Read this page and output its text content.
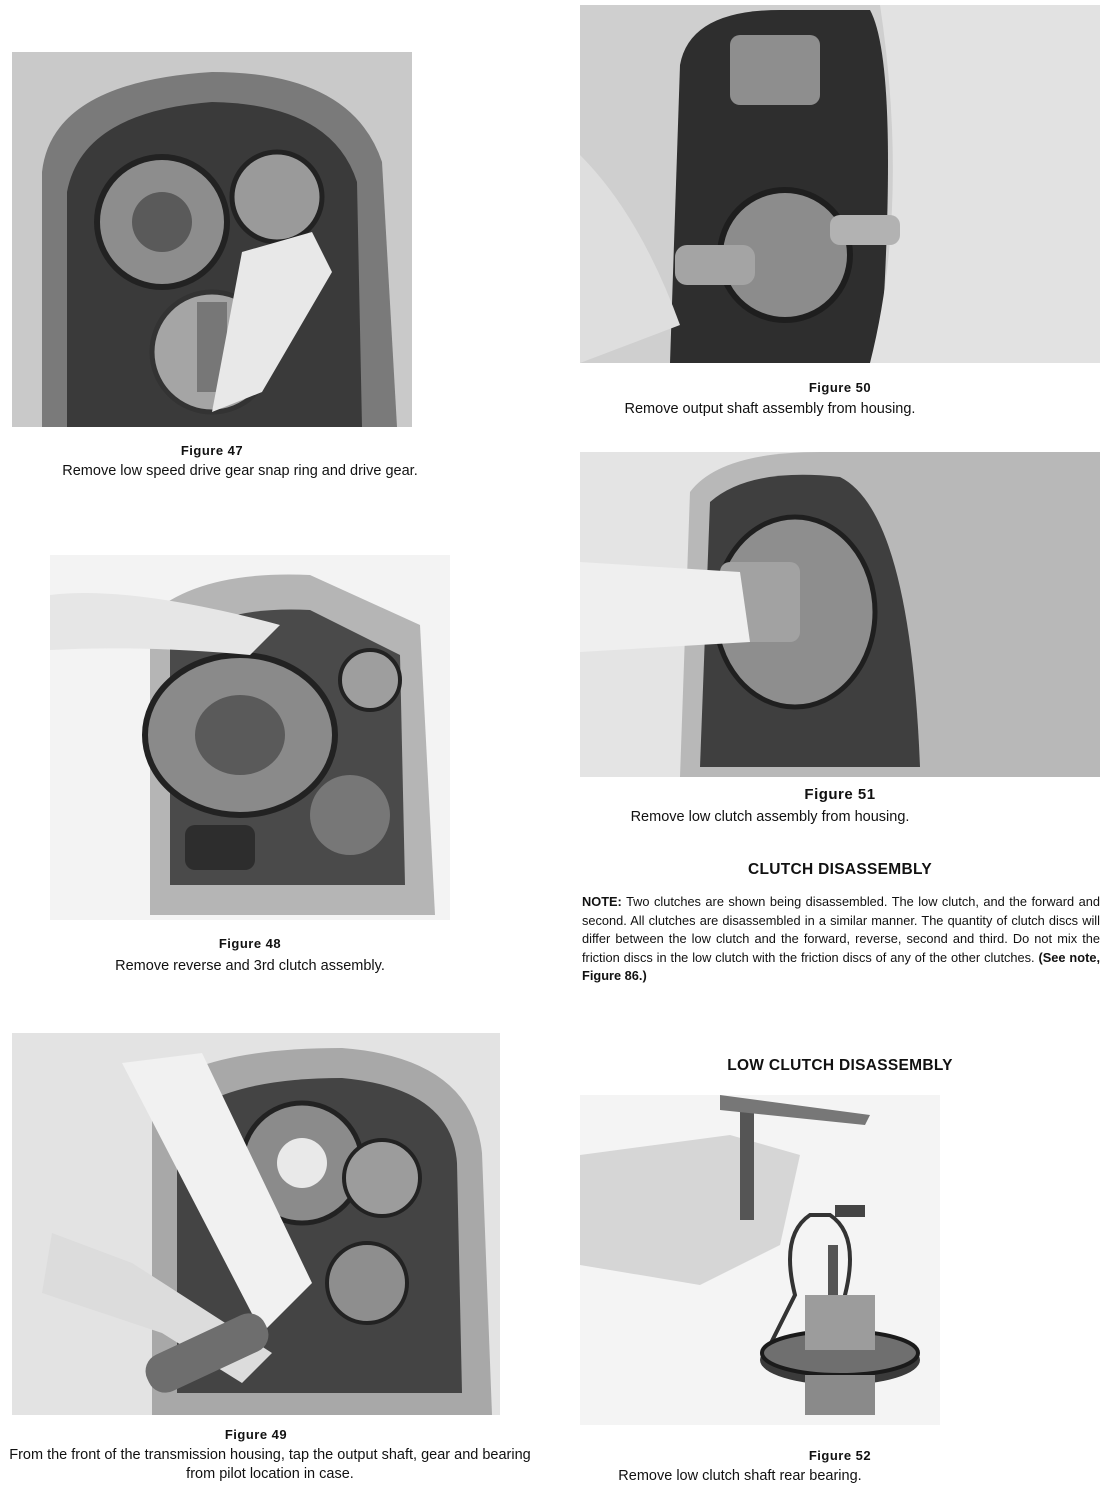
Figure 47
Remove low speed drive gear snap ring and drive gear.
Figure 48
Remove reverse and 3rd clutch assembly.
Figure 49
From the front of the transmission housing, tap the output shaft, gear and bearing from pilot location in case.
Figure 50
Remove output shaft assembly from housing.
Figure 51
Remove low clutch assembly from housing.
CLUTCH DISASSEMBLY
NOTE: Two clutches are shown being disassembled. The low clutch, and the forward and second. All clutches are disassembled in a similar manner. The quantity of clutch discs will differ between the low clutch and the forward, reverse, second and third. Do not mix the friction discs in the low clutch with the friction discs of any of the other clutches. (See note, Figure 86.)
LOW CLUTCH DISASSEMBLY
Figure 52
Remove low clutch shaft rear bearing.
